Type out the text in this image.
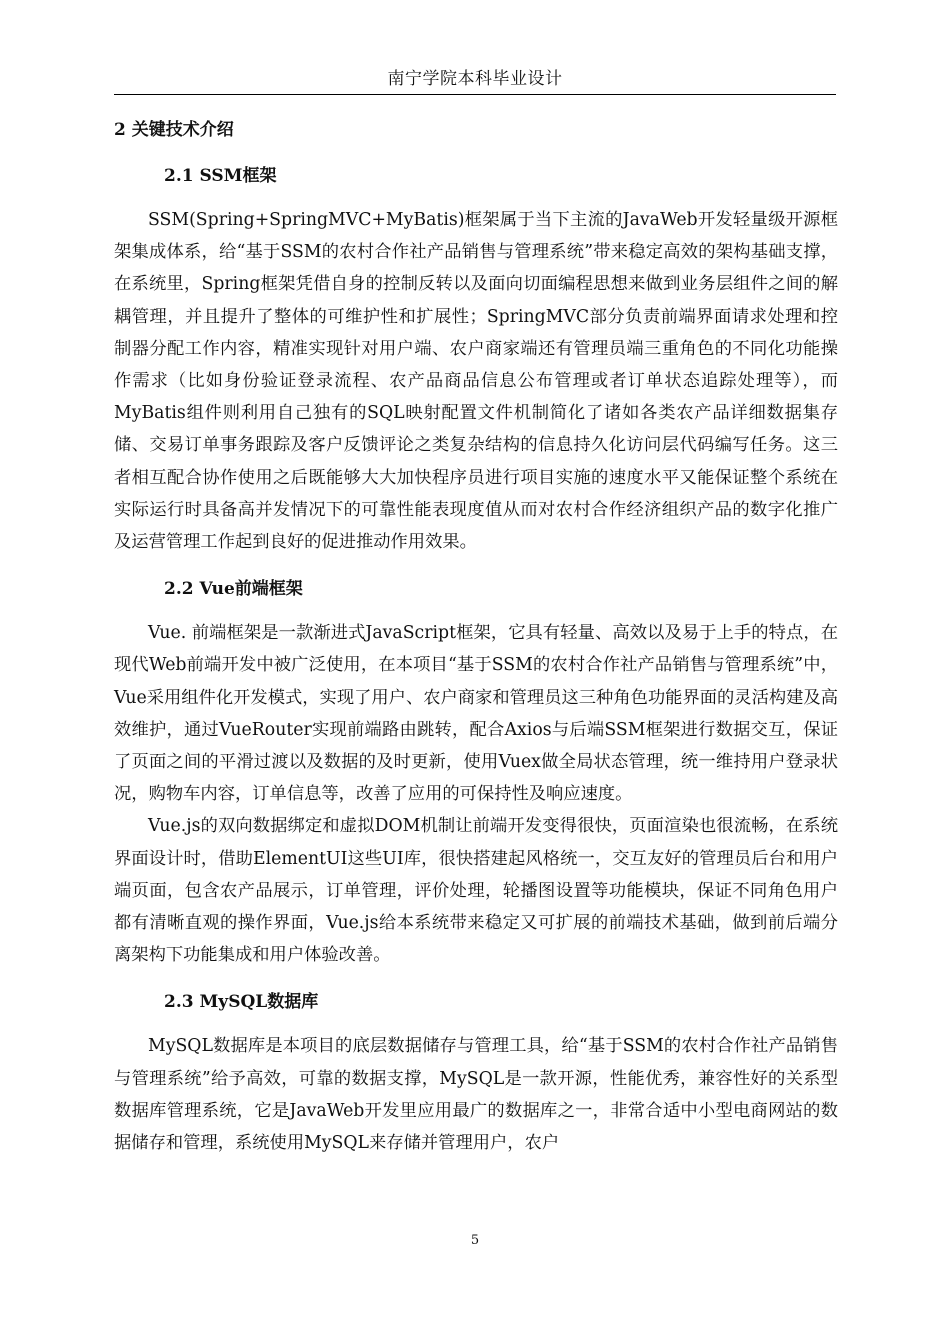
南宁学院本科毕业设计
2 关键技术介绍
2.1 SSM框架

SSM(Spring+SpringMVC+MyBatis)框架属于当下主流的JavaWeb开发轻量级开源框架集成体系，给“基于SSM的农村合作社产品销售与管理系统”带来稳定高效的架构基础支撑，在系统里，Spring框架凭借自身的控制反转以及面向切面编程思想来做到业务层组件之间的解耦管理，并且提升了整体的可维护性和扩展性；SpringMVC部分负责前端界面请求处理和控制器分配工作内容，精准实现针对用户端、农户商家端还有管理员端三重角色的不同化功能操作需求（比如身份验证登录流程、农产品商品信息公布管理或者订单状态追踪处理等），而MyBatis组件则利用自己独有的SQL映射配置文件机制简化了诸如各类农产品详细数据集存储、交易订单事务跟踪及客户反馈评论之类复杂结构的信息持久化访问层代码编写任务。这三者相互配合协作使用之后既能够大大加快程序员进行项目实施的速度水平又能保证整个系统在实际运行时具备高并发情况下的可靠性能表现度值从而对农村合作经济组织产品的数字化推广及运营管理工作起到良好的促进推动作用效果。

2.2 Vue前端框架

Vue. 前端框架是一款渐进式JavaScript框架，它具有轻量、高效以及易于上手的特点，在现代Web前端开发中被广泛使用，在本项目“基于SSM的农村合作社产品销售与管理系统”中，Vue采用组件化开发模式，实现了用户、农户商家和管理员这三种角色功能界面的灵活构建及高效维护，通过VueRouter实现前端路由跳转，配合Axios与后端SSM框架进行数据交互，保证了页面之间的平滑过渡以及数据的及时更新，使用Vuex做全局状态管理，统一维持用户登录状况，购物车内容，订单信息等，改善了应用的可保持性及响应速度。

Vue.js的双向数据绑定和虚拟DOM机制让前端开发变得很快，页面渲染也很流畅，在系统界面设计时，借助ElementUI这些UI库，很快搭建起风格统一，交互友好的管理员后台和用户端页面，包含农产品展示，订单管理，评价处理，轮播图设置等功能模块，保证不同角色用户都有清晰直观的操作界面，Vue.js给本系统带来稳定又可扩展的前端技术基础，做到前后端分离架构下功能集成和用户体验改善。

2.3 MySQL数据库

MySQL数据库是本项目的底层数据储存与管理工具，给“基于SSM的农村合作社产品销售与管理系统”给予高效，可靠的数据支撑，MySQL是一款开源，性能优秀，兼容性好的关系型数据库管理系统，它是JavaWeb开发里应用最广的数据库之一，非常合适中小型电商网站的数据储存和管理，系统使用MySQL来存储并管理用户，农户

5
